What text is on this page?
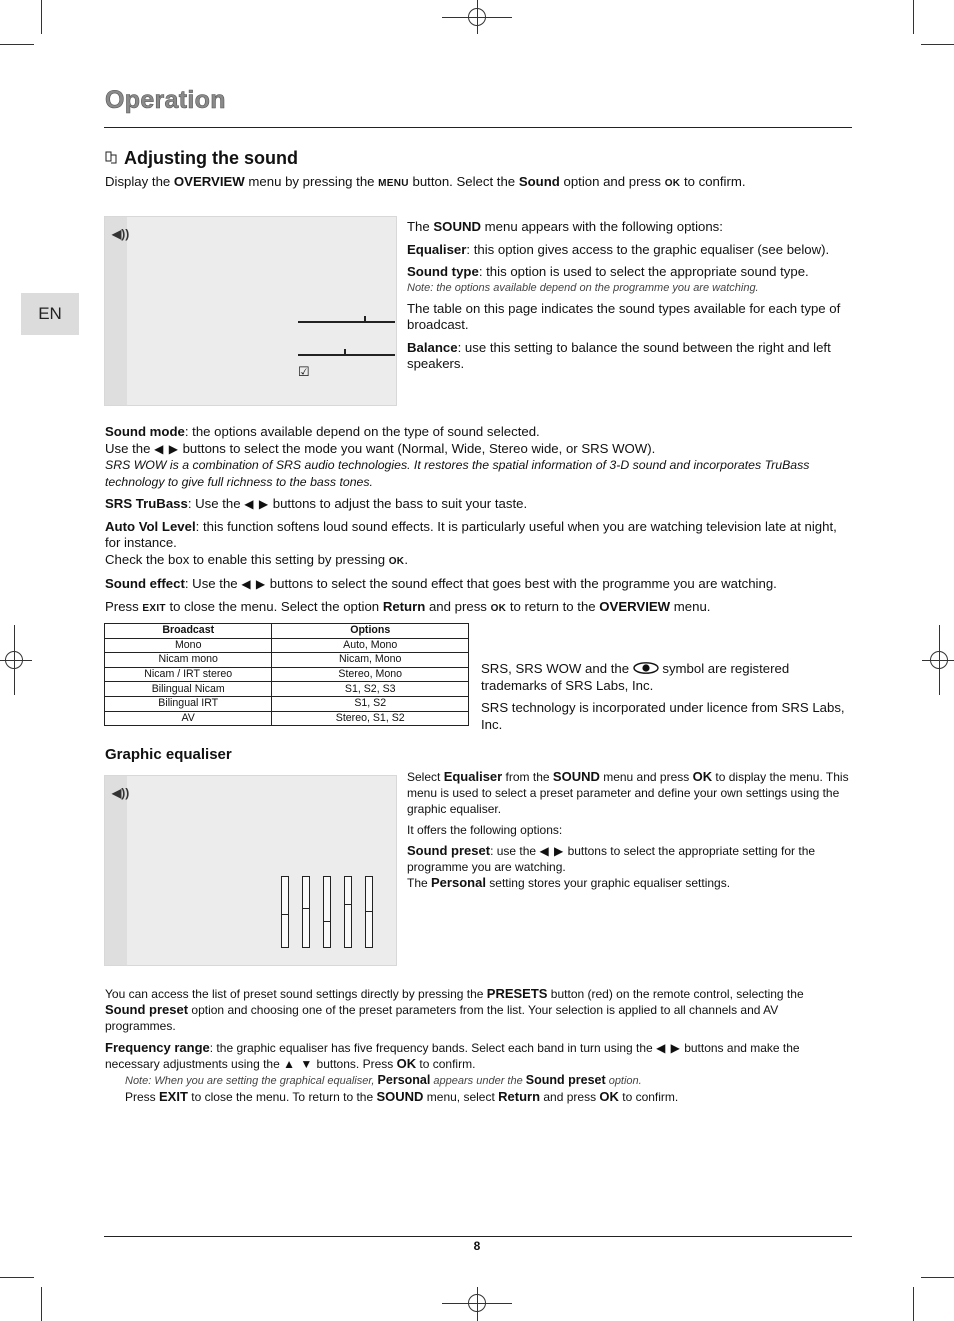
Operation
EN
Adjusting the sound
Display the OVERVIEW menu by pressing the MENU button. Select the Sound option and press OK to confirm.
◀))
☑
The SOUND menu appears with the following options:
Equaliser: this option gives access to the graphic equaliser (see below).
Sound type: this option is used to select the appropriate sound type.
Note: the options available depend on the programme you are watching.
The table on this page indicates the sound types available for each type of broadcast.
Balance: use this setting to balance the sound between the right and left speakers.
Sound mode: the options available depend on the type of sound selected.
Use the ◀ ▶ buttons to select the mode you want (Normal, Wide, Stereo wide, or SRS WOW).
SRS WOW is a combination of SRS audio technologies. It restores the spatial information of 3-D sound and incorporates TruBass technology to give full richness to the bass tones.
SRS TruBass: Use the ◀ ▶ buttons to adjust the bass to suit your taste.
Auto Vol Level: this function softens loud sound effects. It is particularly useful when you are watching television late at night, for instance.
Check the box to enable this setting by pressing OK.
Sound effect: Use the ◀ ▶ buttons to select the sound effect that goes best with the programme you are watching.
Press EXIT to close the menu. Select the option Return and press OK to return to the OVERVIEW menu.
Broadcast	Options
Mono	Auto, Mono
Nicam mono	Nicam, Mono
Nicam / IRT stereo	Stereo, Mono
Bilingual Nicam	S1, S2, S3
Bilingual IRT	S1, S2
AV	Stereo, S1, S2
SRS, SRS WOW and the  symbol are registered trademarks of SRS Labs, Inc.
SRS technology is incorporated under licence from SRS Labs, Inc.
Graphic equaliser
◀))
Select Equaliser from the SOUND menu and press OK to display the menu. This menu is used to select a preset parameter and define your own settings using the graphic equaliser.
It offers the following options:
Sound preset: use the ◀ ▶ buttons to select the appropriate setting for the programme you are watching.
The Personal setting stores your graphic equaliser settings.
You can access the list of preset sound settings directly by pressing the PRESETS button (red) on the remote control, selecting the Sound preset option and choosing one of the preset parameters from the list. Your selection is applied to all channels and AV programmes.
Frequency range: the graphic equaliser has five frequency bands. Select each band in turn using the ◀ ▶ buttons and make the necessary adjustments using the ▲ ▼ buttons. Press OK to confirm.
Note: When you are setting the graphical equaliser, Personal appears under the Sound preset option.
Press EXIT to close the menu. To return to the SOUND menu, select Return and press OK to confirm.
8
